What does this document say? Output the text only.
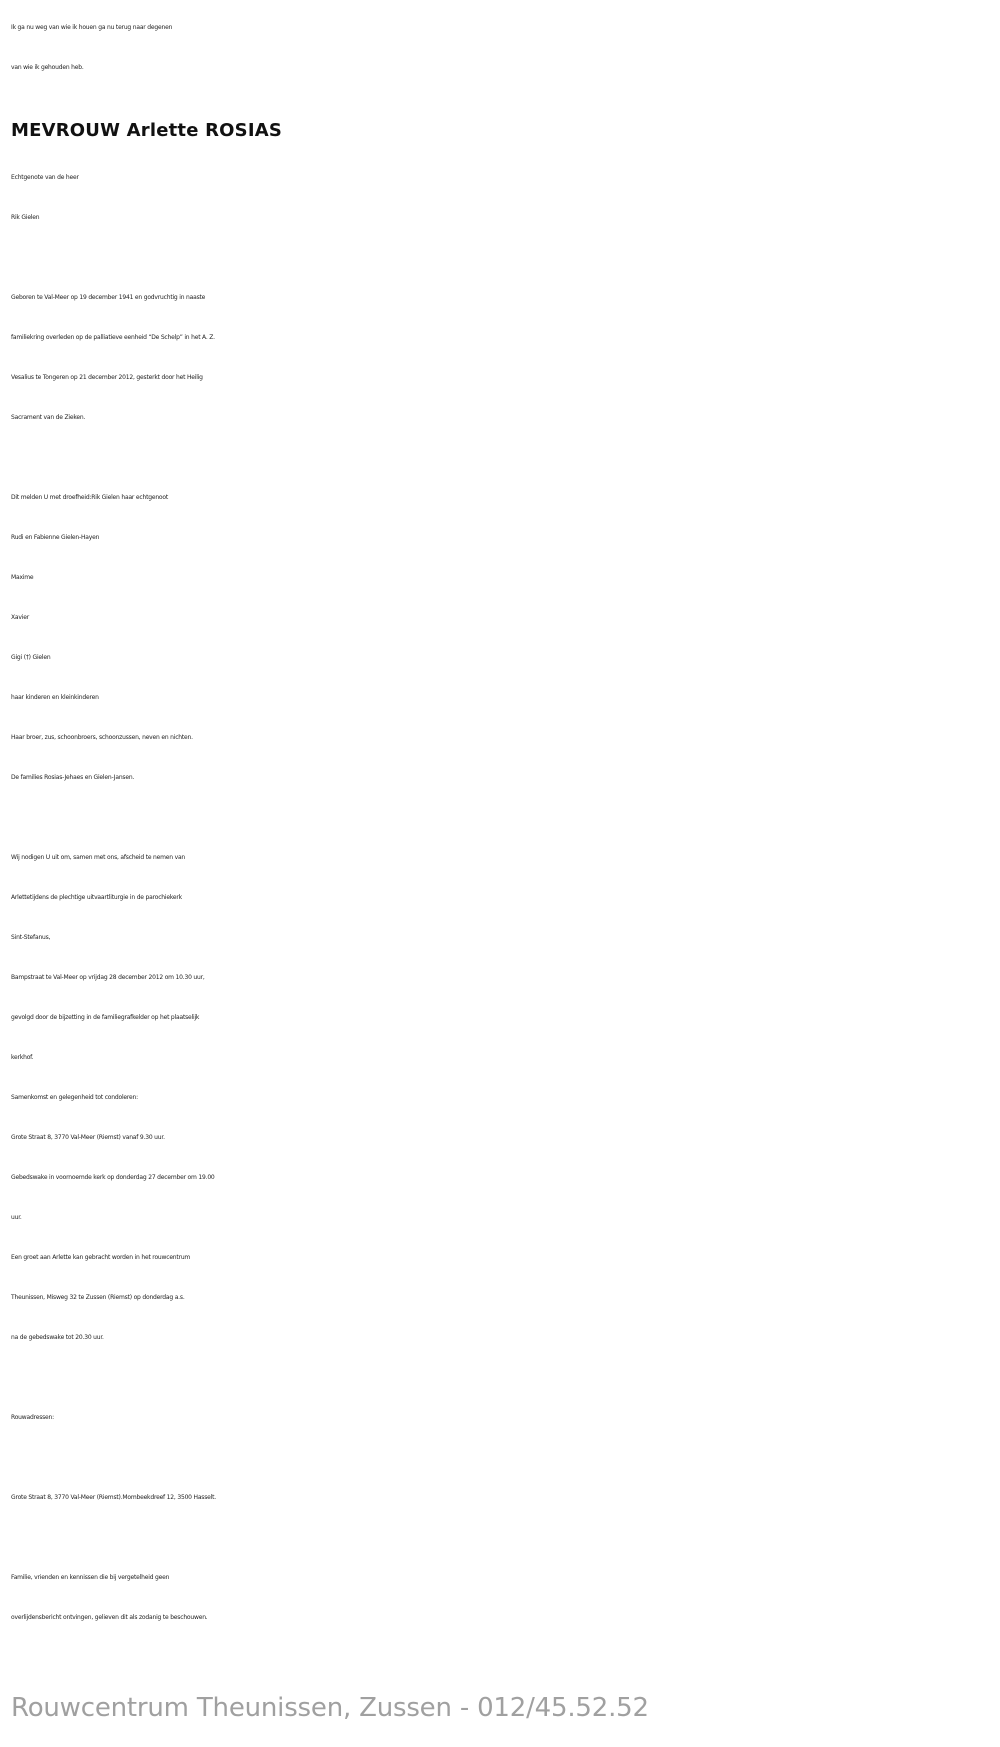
Ik ga nu weg van wie ik houen ga nu terug naar degenen
van wie ik gehouden heb.
MEVROUW Arlette ROSIAS
Echtgenote van de heer
Rik Gielen
Geboren te Val-Meer op 19 december 1941 en godvruchtig in naaste
familiekring overleden op de palliatieve eenheid “De Schelp” in het A. Z.
Vesalius te Tongeren op 21 december 2012, gesterkt door het Heilig
Sacrament van de Zieken.
Dit melden U met droefheid:Rik Gielen haar echtgenoot
Rudi en Fabienne Gielen-Hayen
Maxime
Xavier
Gigi (†) Gielen
haar kinderen en kleinkinderen
Haar broer, zus, schoonbroers, schoonzussen, neven en nichten.
De families Rosias-Jehaes en Gielen-Jansen.
Wij nodigen U uit om, samen met ons, afscheid te nemen van
Arlettetijdens de plechtige uitvaartliturgie in de parochiekerk
Sint-Stefanus,
Bampstraat te Val-Meer op vrijdag 28 december 2012 om 10.30 uur,
gevolgd door de bijzetting in de familiegrafkelder op het plaatselijk
kerkhof.
Samenkomst en gelegenheid tot condoleren:
Grote Straat 8, 3770 Val-Meer (Riemst) vanaf 9.30 uur.
Gebedswake in voornoemde kerk op donderdag 27 december om 19.00
uur.
Een groet aan Arlette kan gebracht worden in het rouwcentrum
Theunissen, Misweg 32 te Zussen (Riemst) op donderdag a.s.
na de gebedswake tot 20.30 uur.
Rouwadressen:
Grote Straat 8, 3770 Val-Meer (Riemst).Mombeekdreef 12, 3500 Hasselt.
Familie, vrienden en kennissen die bij vergetelheid geen
overlijdensbericht ontvingen, gelieven dit als zodanig te beschouwen.
Rouwcentrum Theunissen, Zussen - 012/45.52.52
